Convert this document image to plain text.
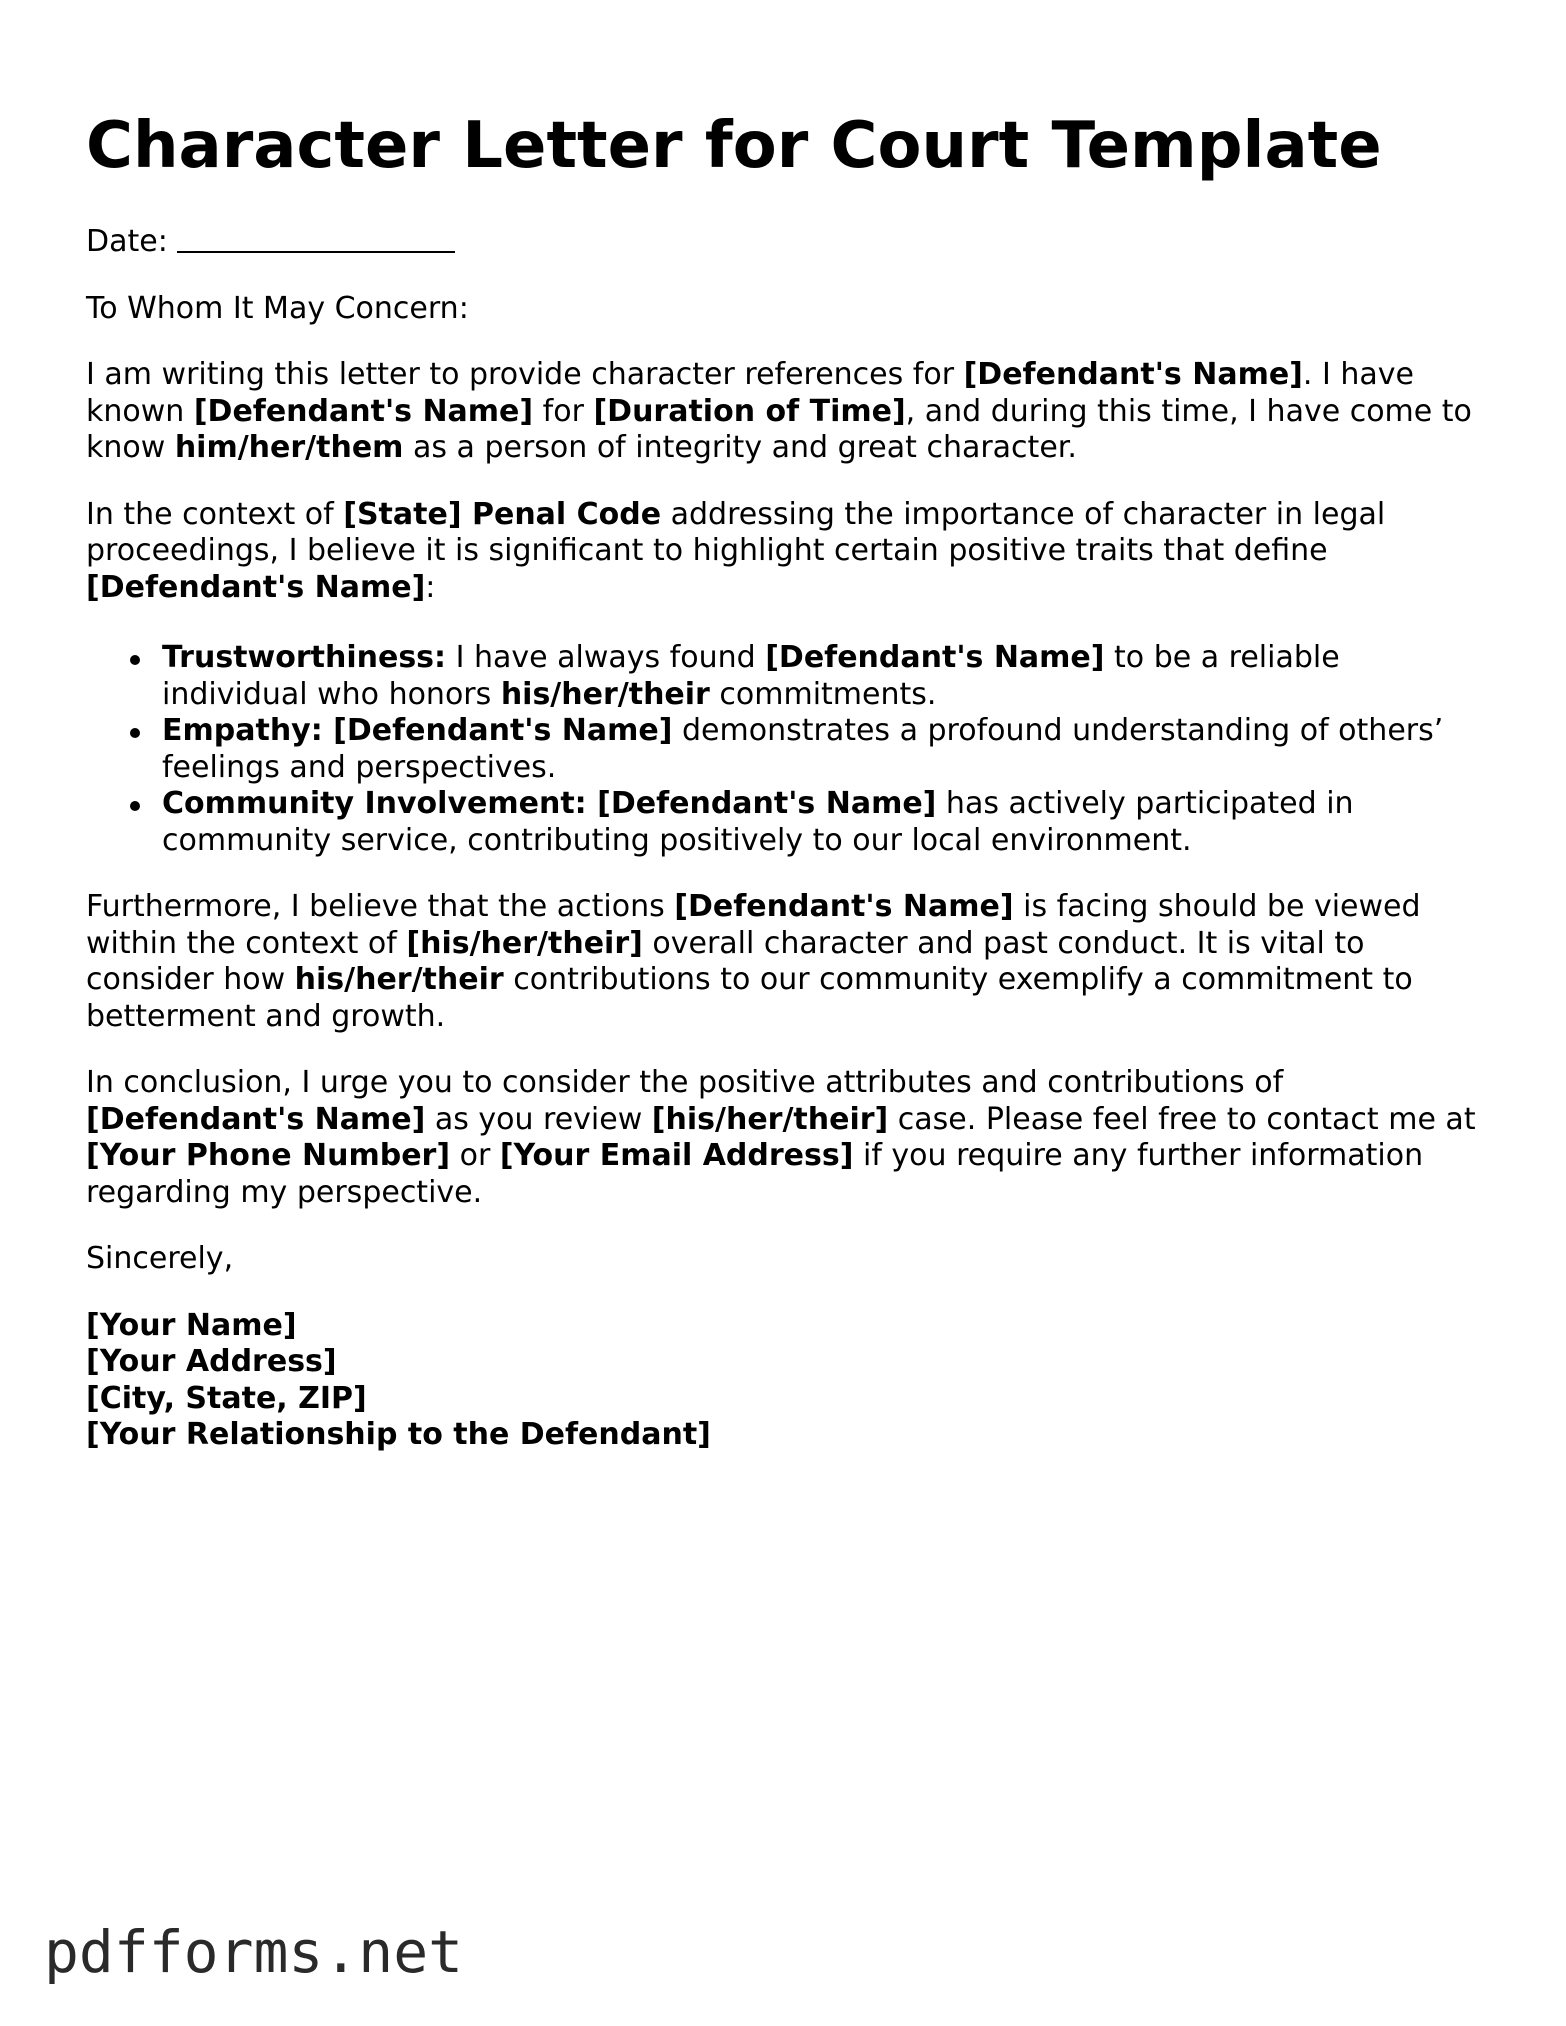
Character Letter for Court Template

Date:

To Whom It May Concern:

I am writing this letter to provide character references for [Defendant's Name]. I have known [Defendant's Name] for [Duration of Time], and during this time, I have come to know him/her/them as a person of integrity and great character.

In the context of [State] Penal Code addressing the importance of character in legal proceedings, I believe it is significant to highlight certain positive traits that define [Defendant's Name]:

Trustworthiness: I have always found [Defendant's Name] to be a reliable individual who honors his/her/their commitments.
Empathy: [Defendant's Name] demonstrates a profound understanding of others’ feelings and perspectives.
Community Involvement: [Defendant's Name] has actively participated in community service, contributing positively to our local environment.

Furthermore, I believe that the actions [Defendant's Name] is facing should be viewed within the context of [his/her/their] overall character and past conduct. It is vital to consider how his/her/their contributions to our community exemplify a commitment to betterment and growth.

In conclusion, I urge you to consider the positive attributes and contributions of [Defendant's Name] as you review [his/her/their] case. Please feel free to contact me at [Your Phone Number] or [Your Email Address] if you require any further information regarding my perspective.

Sincerely,

[Your Name]
[Your Address]
[City, State, ZIP]
[Your Relationship to the Defendant]
pdfforms.net
